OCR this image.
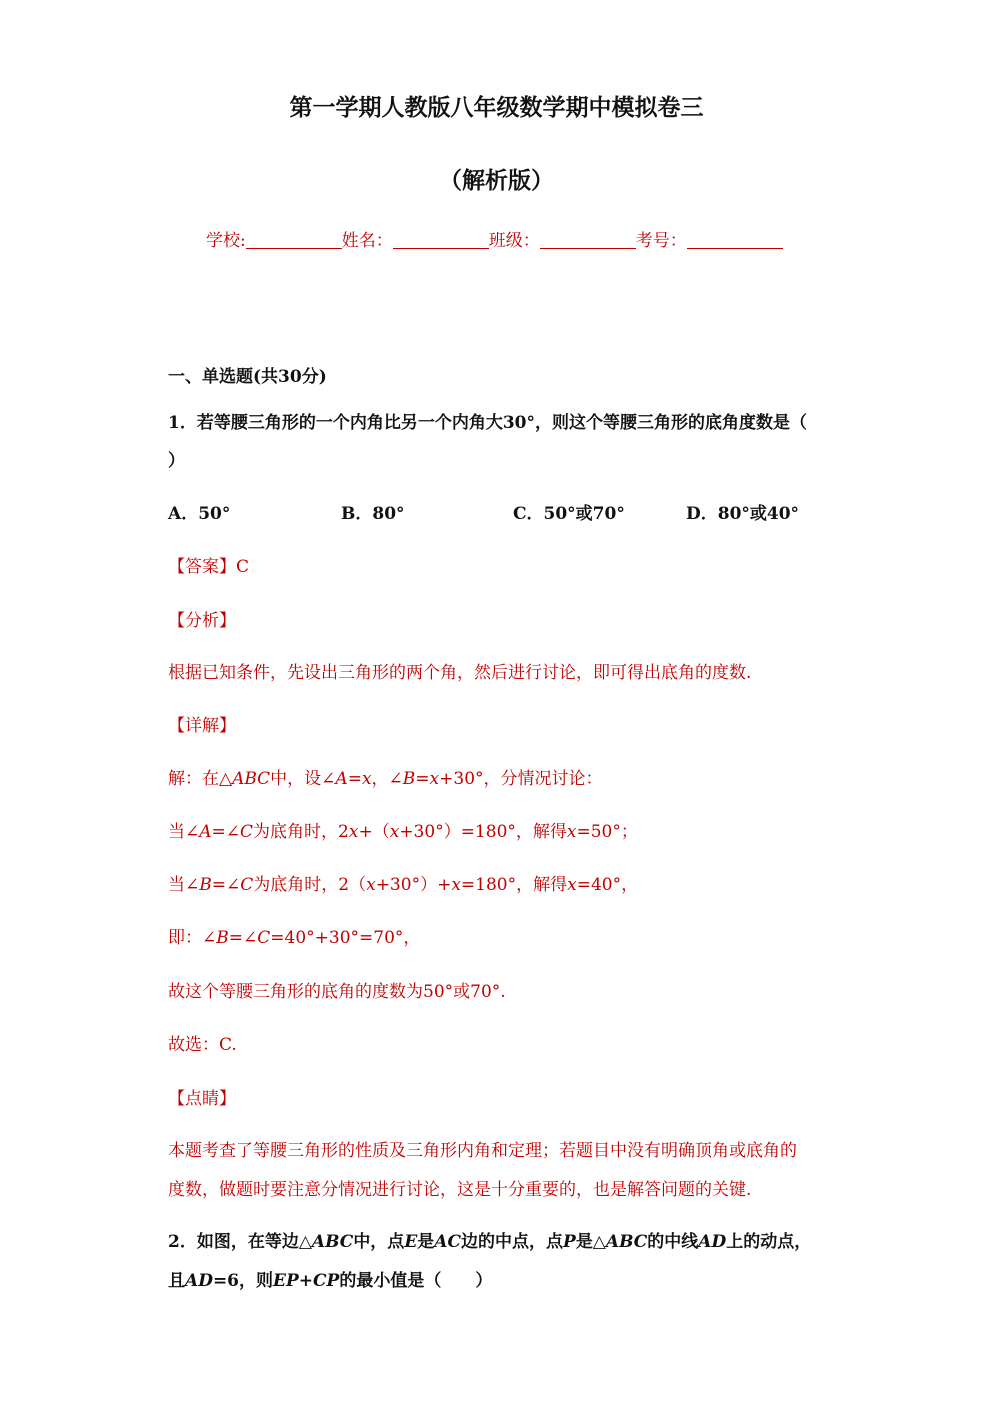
第一学期人教版八年级数学期中模拟卷三
（解析版）
学校:	姓名：	班级：	考号：
一、单选题(共30分)
1．若等腰三角形的一个内角比另一个内角大30°，则这个等腰三角形的底角度数是（
）
A．50°	B．80°	C．50°或70°	D．80°或40°
【答案】C
【分析】
根据已知条件，先设出三角形的两个角，然后进行讨论，即可得出底角的度数.
【详解】
解：在△ABC中，设∠A=x，∠B=x+30°，分情况讨论：
当∠A=∠C为底角时，2x+（x+30°）=180°，解得x=50°；
当∠B=∠C为底角时，2（x+30°）+x=180°，解得x=40°，
即：∠B=∠C=40°+30°=70°，
故这个等腰三角形的底角的度数为50°或70°.
故选：C.
【点睛】
本题考查了等腰三角形的性质及三角形内角和定理；若题目中没有明确顶角或底角的
度数，做题时要注意分情况进行讨论，这是十分重要的，也是解答问题的关键.
2．如图，在等边△ABC中，点E是AC边的中点，点P是△ABC的中线AD上的动点，
且AD=6，则EP+CP的最小值是（　　）
